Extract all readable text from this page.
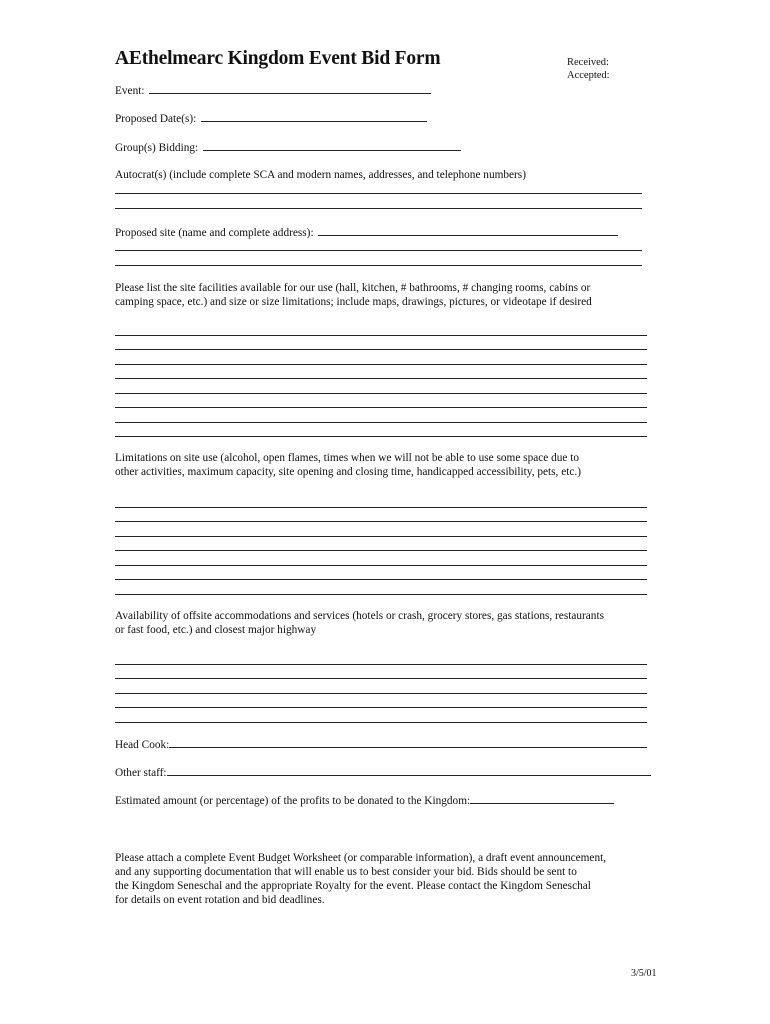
AEthelmearc Kingdom Event Bid Form	Received:
Accepted:
Event:
Proposed Date(s):
Group(s) Bidding:
Autocrat(s) (include complete SCA and modern names, addresses, and telephone numbers)
Proposed site (name and complete address):
Please list the site facilities available for our use (hall, kitchen, # bathrooms, # changing rooms, cabins or
camping space, etc.) and size or size limitations; include maps, drawings, pictures, or videotape if desired
Limitations on site use (alcohol, open flames, times when we will not be able to use some space due to
other activities, maximum capacity, site opening and closing time, handicapped accessibility, pets, etc.)
Availability of offsite accommodations and services (hotels or crash, grocery stores, gas stations, restaurants
or fast food, etc.) and closest major highway
Head Cook:
Other staff:
Estimated amount (or percentage) of the profits to be donated to the Kingdom:
Please attach a complete Event Budget Worksheet (or comparable information), a draft event announcement,
and any supporting documentation that will enable us to best consider your bid. Bids should be sent to
the Kingdom Seneschal and the appropriate Royalty for the event. Please contact the Kingdom Seneschal
for details on event rotation and bid deadlines.
3/5/01
